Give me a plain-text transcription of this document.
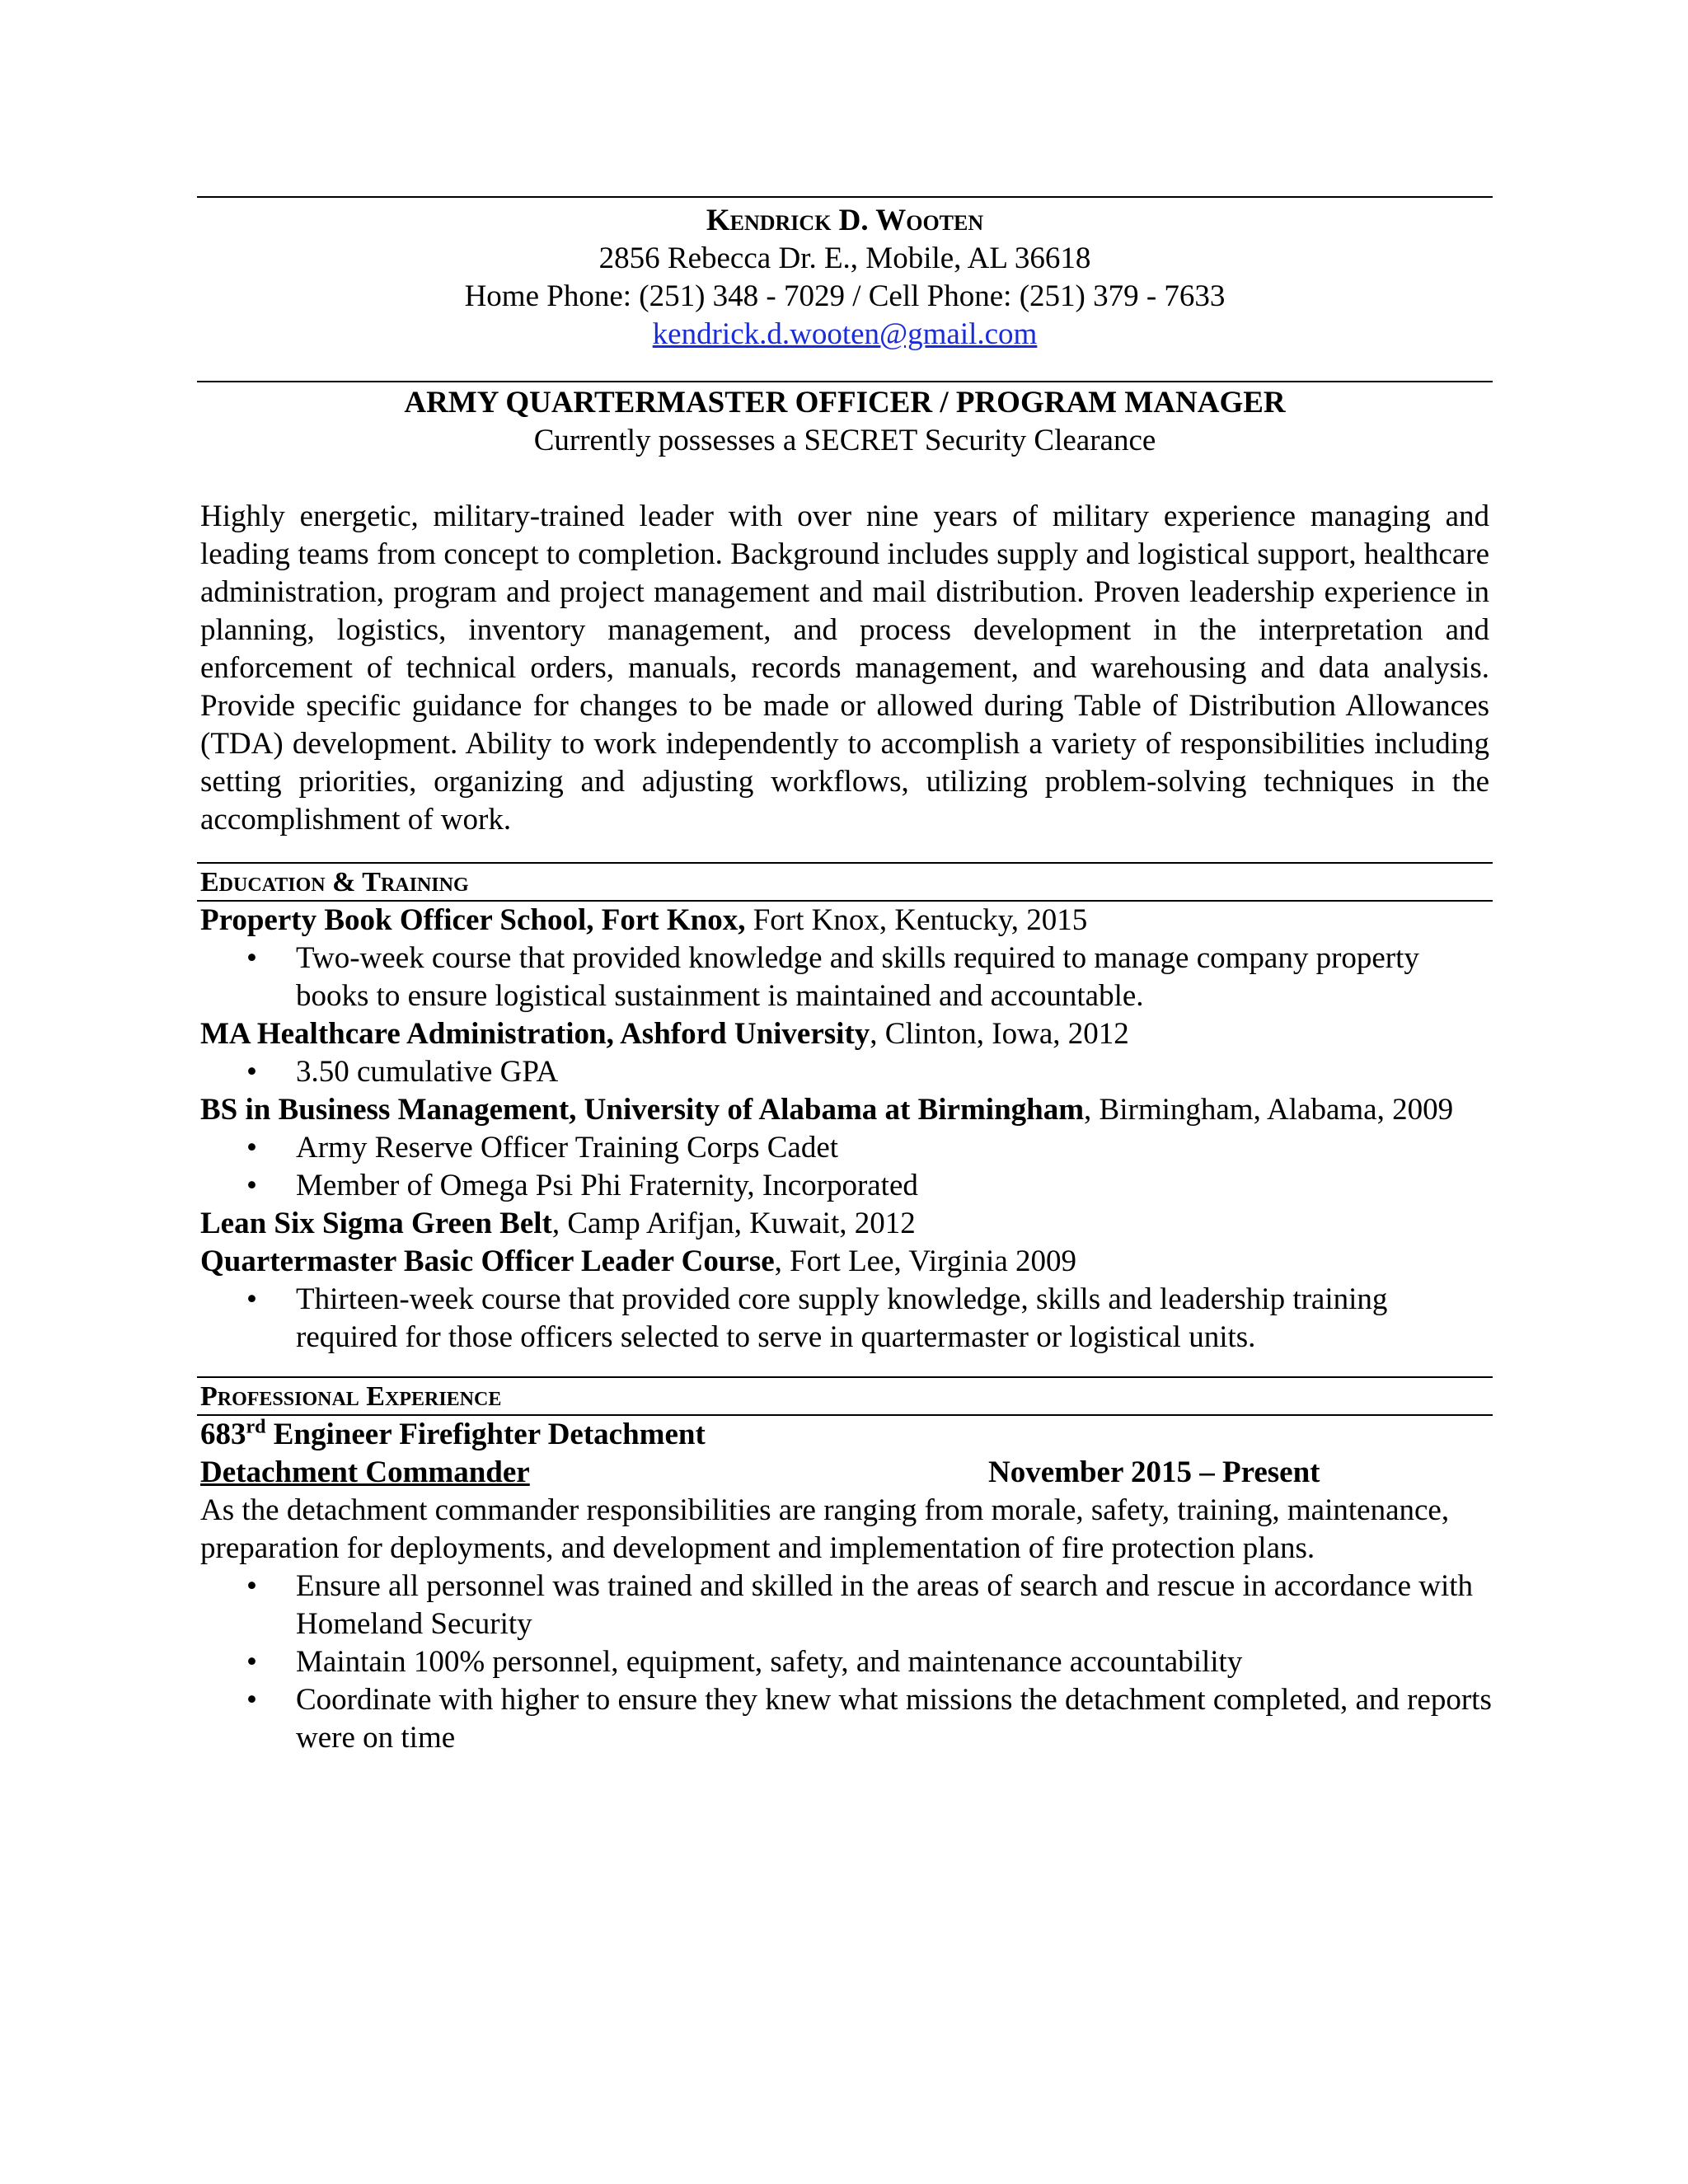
Kendrick D. Wooten
2856 Rebecca Dr. E., Mobile, AL 36618
Home Phone: (251) 348 - 7029 / Cell Phone: (251) 379 - 7633
kendrick.d.wooten@gmail.com
ARMY QUARTERMASTER OFFICER / PROGRAM MANAGER
Currently possesses a SECRET Security Clearance
Highly energetic, military-trained leader with over nine years of military experience managing and leading teams from concept to completion. Background includes supply and logistical support, healthcare administration, program and project management and mail distribution. Proven leadership experience in planning, logistics, inventory management, and process development in the interpretation and enforcement of technical orders, manuals, records management, and warehousing and data analysis. Provide specific guidance for changes to be made or allowed during Table of Distribution Allowances (TDA) development. Ability to work independently to accomplish a variety of responsibilities including setting priorities, organizing and adjusting workflows, utilizing problem-solving techniques in the accomplishment of work.
Education & Training
Property Book Officer School, Fort Knox, Fort Knox, Kentucky, 2015
• Two-week course that provided knowledge and skills required to manage company property books to ensure logistical sustainment is maintained and accountable.
MA Healthcare Administration, Ashford University, Clinton, Iowa, 2012
• 3.50 cumulative GPA
BS in Business Management, University of Alabama at Birmingham, Birmingham, Alabama, 2009
• Army Reserve Officer Training Corps Cadet
• Member of Omega Psi Phi Fraternity, Incorporated
Lean Six Sigma Green Belt, Camp Arifjan, Kuwait, 2012
Quartermaster Basic Officer Leader Course, Fort Lee, Virginia 2009
• Thirteen-week course that provided core supply knowledge, skills and leadership training required for those officers selected to serve in quartermaster or logistical units.
Professional Experience
683rd Engineer Firefighter Detachment
Detachment Commander	November 2015 – Present
As the detachment commander responsibilities are ranging from morale, safety, training, maintenance, preparation for deployments, and development and implementation of fire protection plans.
• Ensure all personnel was trained and skilled in the areas of search and rescue in accordance with Homeland Security
• Maintain 100% personnel, equipment, safety, and maintenance accountability
• Coordinate with higher to ensure they knew what missions the detachment completed, and reports were on time
